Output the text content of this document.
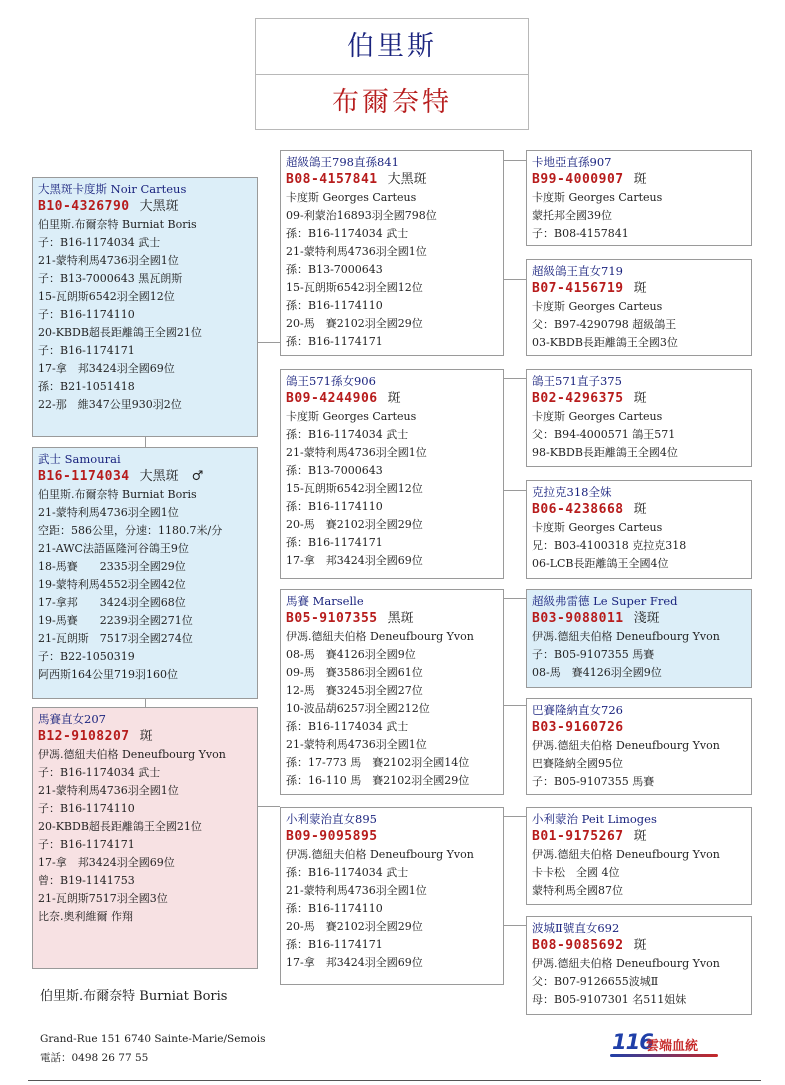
伯里斯
布爾奈特
大黑斑卡度斯 Noir Carteus
B10-4326790 大黑斑
伯里斯.布爾奈特 Burniat Boris
子：B16-1174034 武士
21-蒙特利馬4736羽全國1位
子：B13-7000643 黑瓦朗斯
15-瓦朗斯6542羽全國12位
子：B16-1174110
20-KBDB超長距離鴿王全國21位
子：B16-1174171
17-拿　邦3424羽全國69位
孫：B21-1051418
22-那　維347公里930羽2位
武士 Samourai
B16-1174034 大黑斑　♂
伯里斯.布爾奈特 Burniat Boris
21-蒙特利馬4736羽全國1位
空距：586公里，分速：1180.7米/分
21-AWC法語區隆河谷鴿王9位
18-馬賽　　2335羽全國29位
19-蒙特利馬4552羽全國42位
17-拿邦　　3424羽全國68位
19-馬賽　　2239羽全國271位
21-瓦朗斯　7517羽全國274位
子：B22-1050319
阿西斯164公里719羽160位
馬賽直女207
B12-9108207 斑
伊馮.德紐夫伯格 Deneufbourg Yvon
子：B16-1174034 武士
21-蒙特利馬4736羽全國1位
子：B16-1174110
20-KBDB超長距離鴿王全國21位
子：B16-1174171
17-拿　邦3424羽全國69位
曾：B19-1141753
21-瓦朗斯7517羽全國3位
比奈.奧利維爾 作翔
超級鴿王798直孫841
B08-4157841 大黑斑
卡度斯 Georges Carteus
09-利蒙治16893羽全國798位
孫：B16-1174034 武士
21-蒙特利馬4736羽全國1位
孫：B13-7000643
15-瓦朗斯6542羽全國12位
孫：B16-1174110
20-馬　賽2102羽全國29位
孫：B16-1174171
鴿王571孫女906
B09-4244906 斑
卡度斯 Georges Carteus
孫：B16-1174034 武士
21-蒙特利馬4736羽全國1位
孫：B13-7000643
15-瓦朗斯6542羽全國12位
孫：B16-1174110
20-馬　賽2102羽全國29位
孫：B16-1174171
17-拿　邦3424羽全國69位
馬賽 Marselle
B05-9107355 黑斑
伊馮.德紐夫伯格 Deneufbourg Yvon
08-馬　賽4126羽全國9位
09-馬　賽3586羽全國61位
12-馬　賽3245羽全國27位
10-波品葫6257羽全國212位
孫：B16-1174034 武士
21-蒙特利馬4736羽全國1位
孫：17-773 馬　賽2102羽全國14位
孫：16-110 馬　賽2102羽全國29位
小利蒙治直女895
B09-9095895
伊馮.德紐夫伯格 Deneufbourg Yvon
孫：B16-1174034 武士
21-蒙特利馬4736羽全國1位
孫：B16-1174110
20-馬　賽2102羽全國29位
孫：B16-1174171
17-拿　邦3424羽全國69位
卡地亞直孫907
B99-4000907 斑
卡度斯 Georges Carteus
蒙托邦全國39位
子：B08-4157841
超級鴿王直女719
B07-4156719 斑
卡度斯 Georges Carteus
父：B97-4290798 超級鴿王
03-KBDB長距離鴿王全國3位
鴿王571直子375
B02-4296375 斑
卡度斯 Georges Carteus
父：B94-4000571 鴿王571
98-KBDB長距離鴿王全國4位
克拉克318全妹
B06-4238668 斑
卡度斯 Georges Carteus
兄：B03-4100318 克拉克318
06-LCB長距離鴿王全國4位
超級弗雷德 Le Super Fred
B03-9088011 淺斑
伊馮.德紐夫伯格 Deneufbourg Yvon
子：B05-9107355 馬賽
08-馬　賽4126羽全國9位
巴賽隆納直女726
B03-9160726
伊馮.德紐夫伯格 Deneufbourg Yvon
巴賽隆納全國95位
子：B05-9107355 馬賽
小利蒙治 Peit Limoges
B01-9175267 斑
伊馮.德紐夫伯格 Deneufbourg Yvon
卡卡松　全國 4位
蒙特利馬全國87位
波城Ⅱ號直女692
B08-9085692 斑
伊馮.德紐夫伯格 Deneufbourg Yvon
父：B07-9126655波城Ⅱ
母：B05-9107301 名511姐妹
伯里斯.布爾奈特 Burniat Boris
Grand-Rue 151 6740 Sainte-Marie/Semois
電話：0498 26 77 55
116
雲端血統
